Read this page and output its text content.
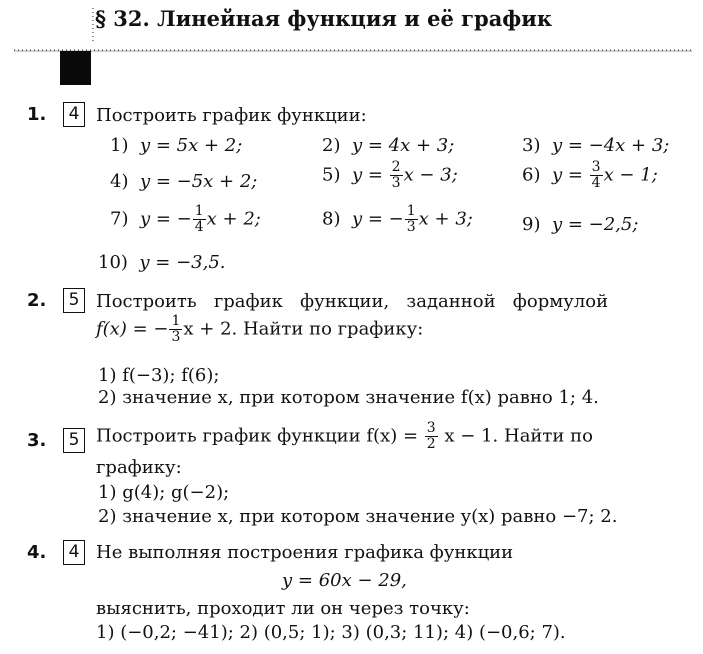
§ 32. Линейная функция и её график
1.	4 Построить график функции:
1) y = 5x + 2;	2) y = 4x + 3;	3) y = −4x + 3;
4) y = −5x + 2;	5) $y = \frac{2}{3}$ x − 3;	6) $y = \frac{3}{4}$ x − 1;
7) y = − $\frac{1}{4}$ x + 2;	8) y = − $\frac{1}{3}$ x + 3;	9) y = −2,5;
10) y = −3,5.
2.	5 Построить   график   функции,   заданной   формулой
f(x) = − $\frac{1}{3}$ x + 2. Найти по графику:
1) f(−3); f(6);
2) значение x, при котором значение f(x) равно 1; 4.
3.	5 Построить график функции $f(x) = \frac{3}{2}$ x − 1. Найти по
графику:
1) g(4); g(−2);
2) значение x, при котором значение y(x) равно −7; 2.
4.	4 Не выполняя построения графика функции
y = 60x − 29,
выяснить, проходит ли он через точку:
1) (−0,2; −41); 2) (0,5; 1); 3) (0,3; 11); 4) (−0,6; 7).
